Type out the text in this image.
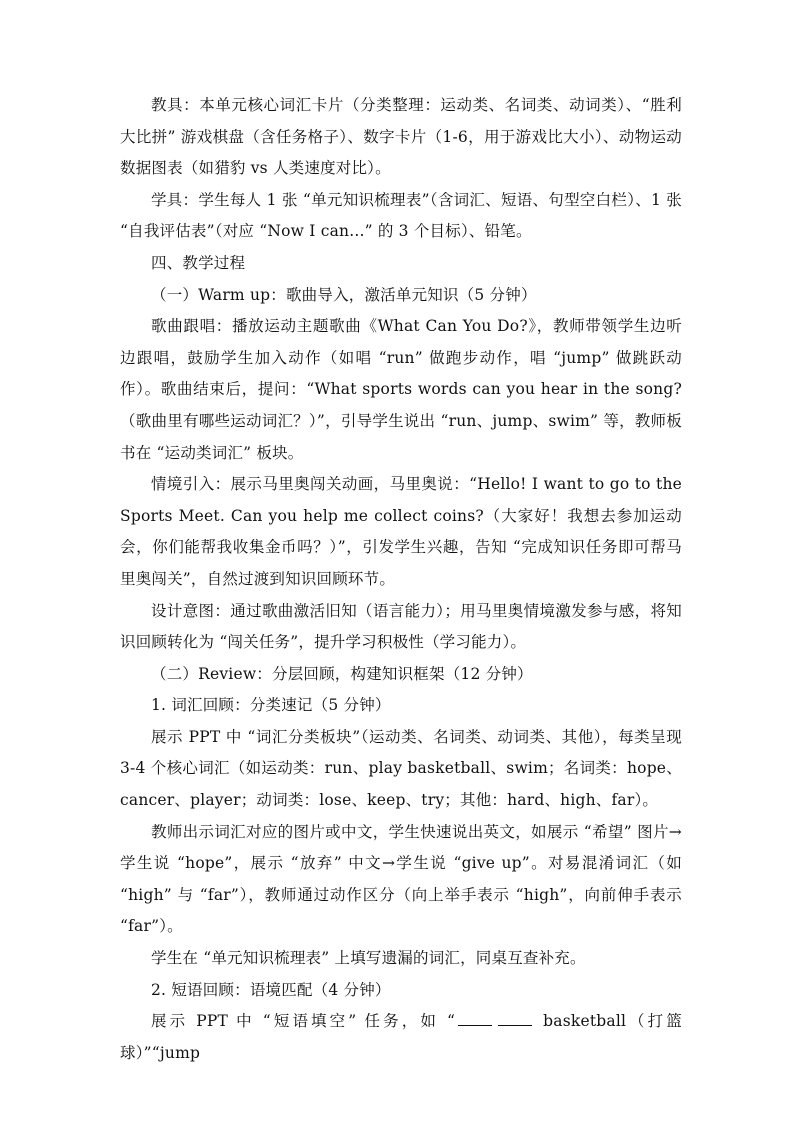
教具：本单元核心词汇卡片（分类整理：运动类、名词类、动词类）、“胜利大比拼” 游戏棋盘（含任务格子）、数字卡片（1-6，用于游戏比大小）、动物运动数据图表（如猎豹 vs 人类速度对比）。

学具：学生每人 1 张 “单元知识梳理表”（含词汇、短语、句型空白栏）、1 张 “自我评估表”（对应 “Now I can...” 的 3 个目标）、铅笔。

四、教学过程

（一）Warm up：歌曲导入，激活单元知识（5 分钟）

歌曲跟唱：播放运动主题歌曲《What Can You Do?》，教师带领学生边听边跟唱，鼓励学生加入动作（如唱 “run” 做跑步动作，唱 “jump” 做跳跃动作）。歌曲结束后，提问：“What sports words can you hear in the song?（歌曲里有哪些运动词汇？）”，引导学生说出 “run、jump、swim” 等，教师板书在 “运动类词汇” 板块。

情境引入：展示马里奥闯关动画，马里奥说：“Hello! I want to go to the Sports Meet. Can you help me collect coins?（大家好！我想去参加运动会，你们能帮我收集金币吗？）”，引发学生兴趣，告知 “完成知识任务即可帮马里奥闯关”，自然过渡到知识回顾环节。

设计意图：通过歌曲激活旧知（语言能力）；用马里奥情境激发参与感，将知识回顾转化为 “闯关任务”，提升学习积极性（学习能力）。

（二）Review：分层回顾，构建知识框架（12 分钟）

1. 词汇回顾：分类速记（5 分钟）

展示 PPT 中 “词汇分类板块”（运动类、名词类、动词类、其他），每类呈现 3-4 个核心词汇（如运动类：run、play basketball、swim；名词类：hope、cancer、player；动词类：lose、keep、try；其他：hard、high、far）。

教师出示词汇对应的图片或中文，学生快速说出英文，如展示 “希望” 图片→学生说 “hope”，展示 “放弃” 中文→学生说 “give up”。对易混淆词汇（如 “high” 与 “far”），教师通过动作区分（向上举手表示 “high”，向前伸手表示 “far”）。

学生在 “单元知识梳理表” 上填写遗漏的词汇，同桌互查补充。

2. 短语回顾：语境匹配（4 分钟）

展示 PPT 中 “短语填空” 任务，如 “	basketball（打篮球）”“jump
